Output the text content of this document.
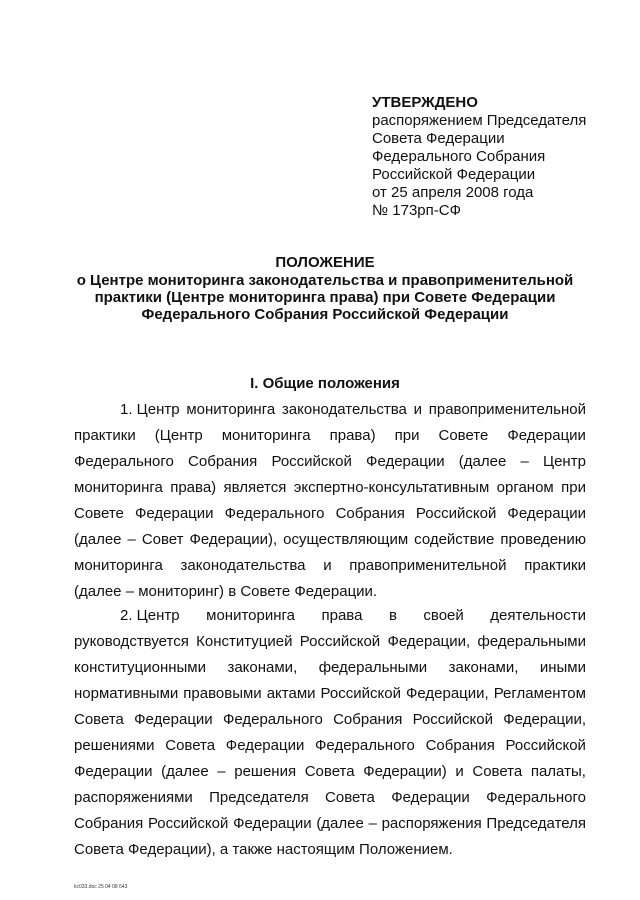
УТВЕРЖДЕНО
распоряжением Председателя
Совета Федерации
Федерального Собрания
Российской Федерации
от 25 апреля 2008 года
№ 173рп-СФ
ПОЛОЖЕНИЕ
о Центре мониторинга законодательства и правоприменительной
практики (Центре мониторинга права) при Совете Федерации
Федерального Собрания Российской Федерации
I. Общие положения
1. Центр мониторинга законодательства и правоприменительной
практики (Центр мониторинга права) при Совете Федерации
Федерального Собрания Российской Федерации (далее – Центр
мониторинга права) является экспертно-консультативным органом при
Совете Федерации Федерального Собрания Российской Федерации
(далее – Совет Федерации), осуществляющим содействие проведению
мониторинга законодательства и правоприменительной практики
(далее – мониторинг) в Совете Федерации.
2. Центр мониторинга права в своей деятельности
руководствуется Конституцией Российской Федерации, федеральными
конституционными законами, федеральными законами, иными
нормативными правовыми актами Российской Федерации, Регламентом
Совета Федерации Федерального Собрания Российской Федерации,
решениями Совета Федерации Федерального Собрания Российской
Федерации (далее – решения Совета Федерации) и Совета палаты,
распоряжениями Председателя Совета Федерации Федерального
Собрания Российской Федерации (далее – распоряжения Председателя
Совета Федерации), а также настоящим Положением.
kc033.doc 25 04 08 643
